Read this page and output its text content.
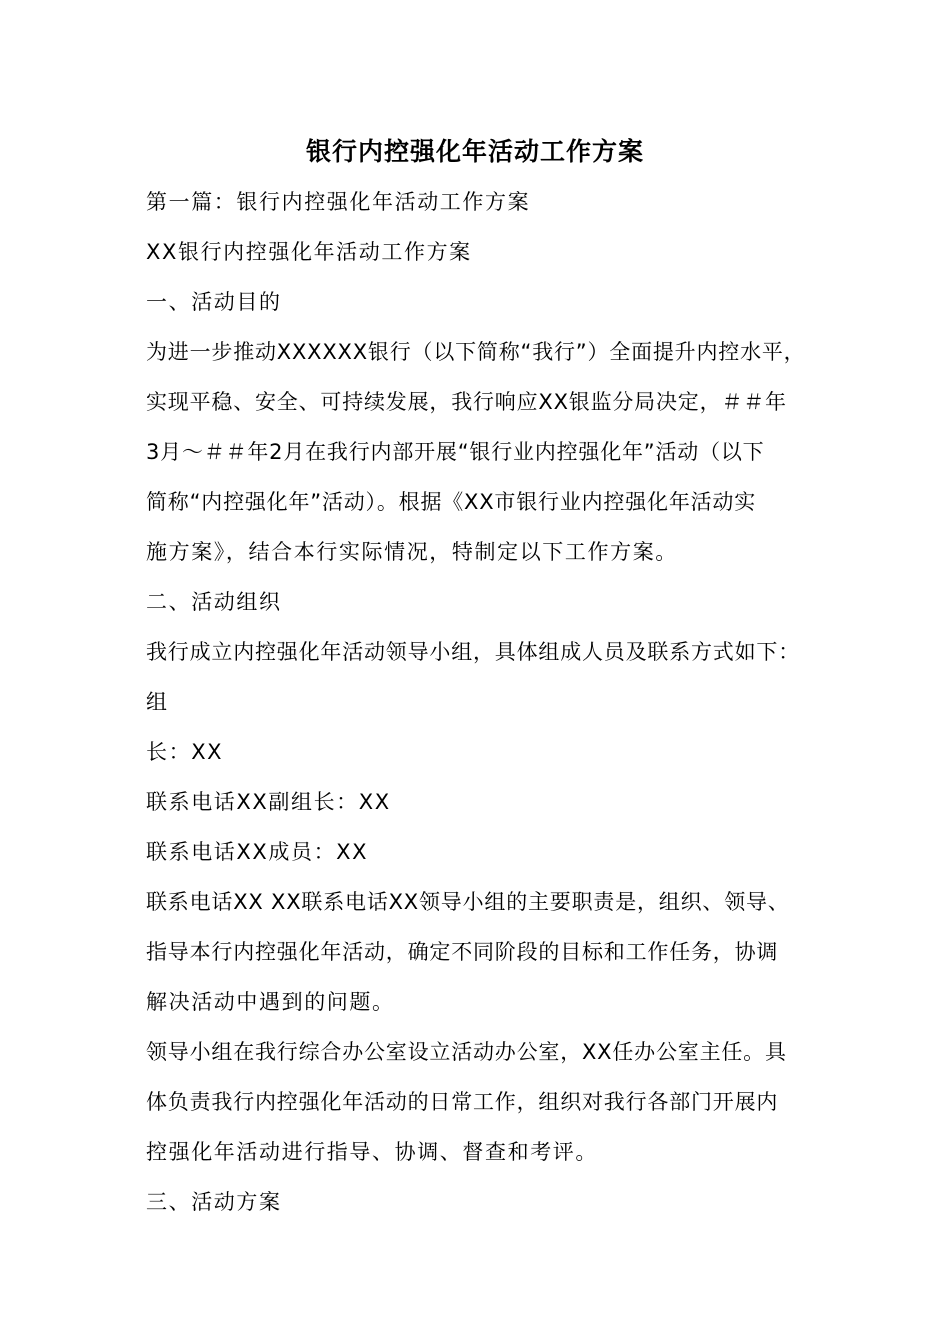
银行内控强化年活动工作方案
第一篇：银行内控强化年活动工作方案
XX银行内控强化年活动工作方案
一、活动目的
为进一步推动XXXXXX银行（以下简称“我行”）全面提升内控水平，
实现平稳、安全、可持续发展，我行响应XX银监分局决定，＃＃年
3月～＃＃年2月在我行内部开展“银行业内控强化年”活动（以下
简称“内控强化年”活动）。根据《XX市银行业内控强化年活动实
施方案》，结合本行实际情况，特制定以下工作方案。
二、活动组织
我行成立内控强化年活动领导小组，具体组成人员及联系方式如下：
组
长：XX
联系电话XX副组长：XX
联系电话XX成员：XX
联系电话XX XX联系电话XX领导小组的主要职责是，组织、领导、
指导本行内控强化年活动，确定不同阶段的目标和工作任务，协调
解决活动中遇到的问题。
领导小组在我行综合办公室设立活动办公室，XX任办公室主任。具
体负责我行内控强化年活动的日常工作，组织对我行各部门开展内
控强化年活动进行指导、协调、督查和考评。
三、活动方案
